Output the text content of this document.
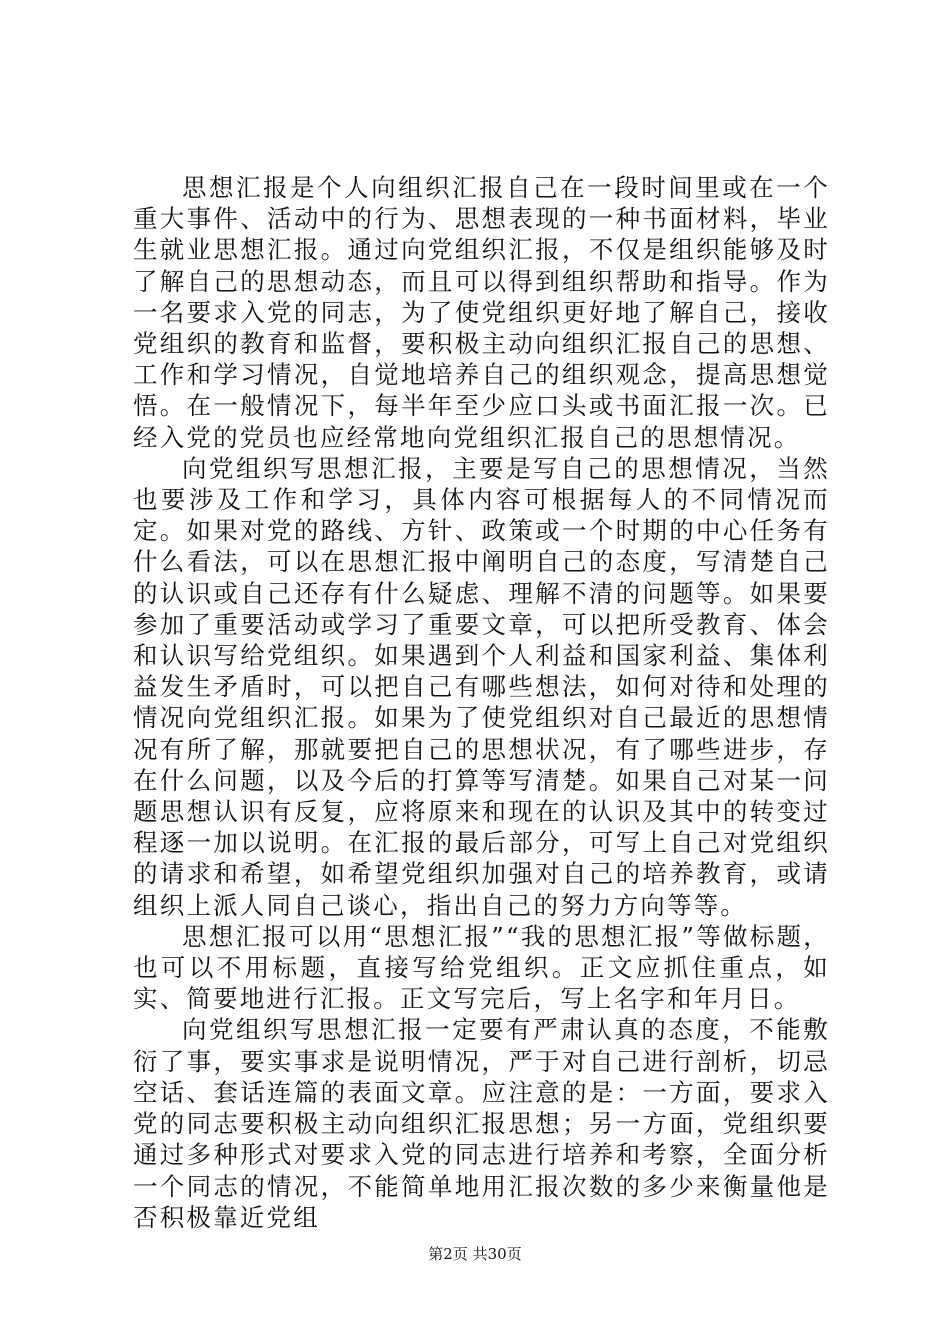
思想汇报是个人向组织汇报自己在一段时间里或在一个重大事件、活动中的行为、思想表现的一种书面材料，毕业生就业思想汇报。通过向党组织汇报，不仅是组织能够及时了解自己的思想动态，而且可以得到组织帮助和指导。作为一名要求入党的同志，为了使党组织更好地了解自己，接收党组织的教育和监督，要积极主动向组织汇报自己的思想、工作和学习情况，自觉地培养自己的组织观念，提高思想觉悟。在一般情况下，每半年至少应口头或书面汇报一次。已经入党的党员也应经常地向党组织汇报自己的思想情况。

向党组织写思想汇报，主要是写自己的思想情况，当然也要涉及工作和学习，具体内容可根据每人的不同情况而定。如果对党的路线、方针、政策或一个时期的中心任务有什么看法，可以在思想汇报中阐明自己的态度，写清楚自己的认识或自己还存有什么疑虑、理解不清的问题等。如果要参加了重要活动或学习了重要文章，可以把所受教育、体会和认识写给党组织。如果遇到个人利益和国家利益、集体利益发生矛盾时，可以把自己有哪些想法，如何对待和处理的情况向党组织汇报。如果为了使党组织对自己最近的思想情况有所了解，那就要把自己的思想状况，有了哪些进步，存在什么问题，以及今后的打算等写清楚。如果自己对某一问题思想认识有反复，应将原来和现在的认识及其中的转变过程逐一加以说明。在汇报的最后部分，可写上自己对党组织的请求和希望，如希望党组织加强对自己的培养教育，或请组织上派人同自己谈心，指出自己的努力方向等等。

思想汇报可以用“思想汇报”“我的思想汇报”等做标题，也可以不用标题，直接写给党组织。正文应抓住重点，如实、简要地进行汇报。正文写完后，写上名字和年月日。

向党组织写思想汇报一定要有严肃认真的态度，不能敷衍了事，要实事求是说明情况，严于对自己进行剖析，切忌空话、套话连篇的表面文章。应注意的是：一方面，要求入党的同志要积极主动向组织汇报思想；另一方面，党组织要通过多种形式对要求入党的同志进行培养和考察，全面分析一个同志的情况，不能简单地用汇报次数的多少来衡量他是否积极靠近党组

第2页 共30页
